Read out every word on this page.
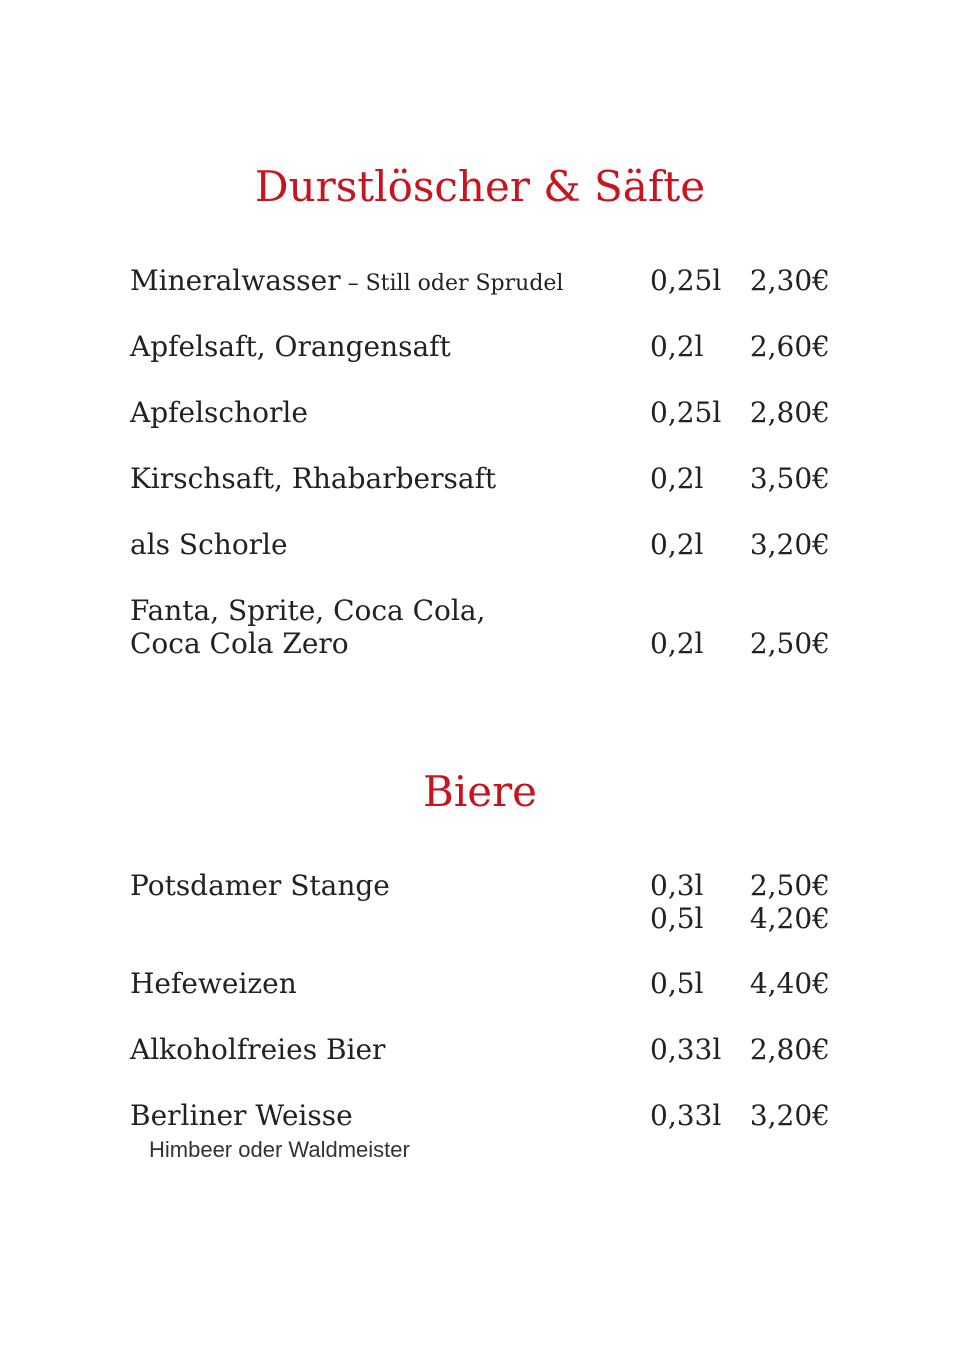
Durstlöscher & Säfte
Mineralwasser – Still oder Sprudel	0,25l 2,30€
Apfelsaft, Orangensaft	0,2l 2,60€
Apfelschorle	0,25l 2,80€
Kirschsaft, Rhabarbersaft	0,2l 3,50€
als Schorle	0,2l 3,20€
Fanta, Sprite, Coca Cola,
Coca Cola Zero	0,2l 2,50€
Biere
Potsdamer Stange	0,3l 2,50€
0,5l 4,20€
Hefeweizen	0,5l 4,40€
Alkoholfreies Bier	0,33l 2,80€
Berliner Weisse	0,33l 3,20€
Himbeer oder Waldmeister
